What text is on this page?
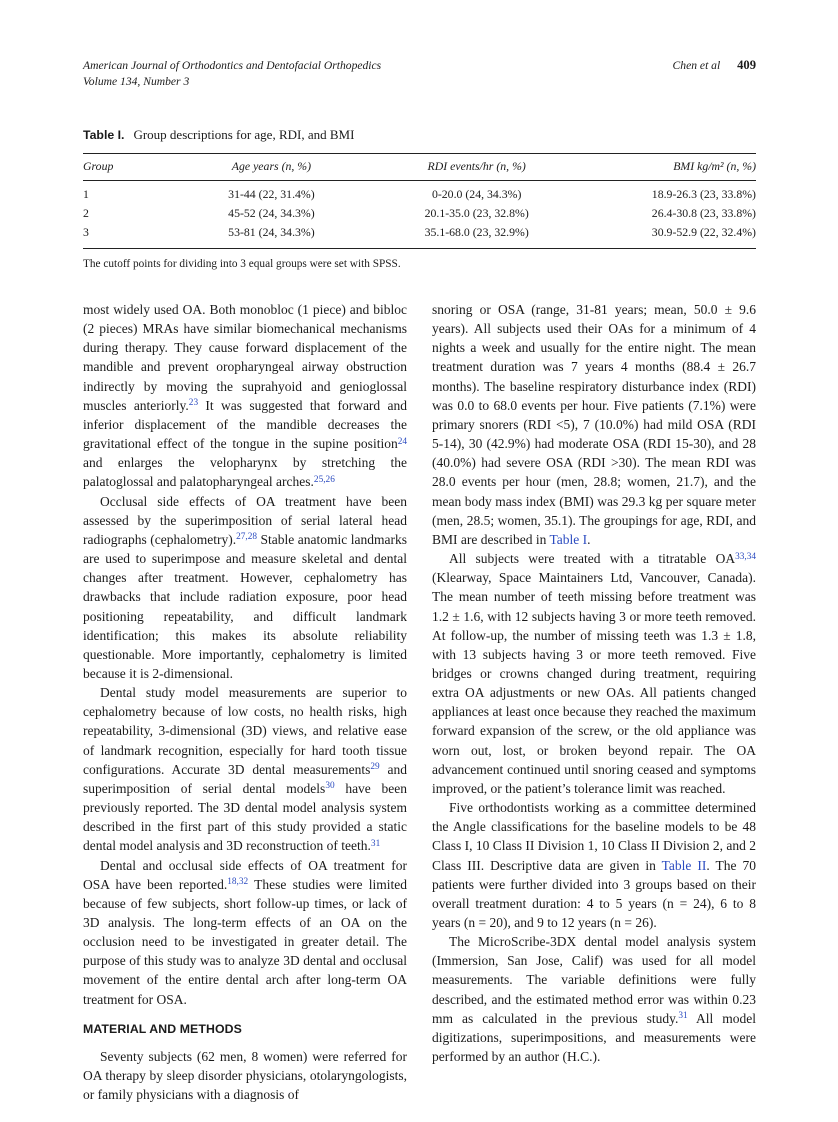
American Journal of Orthodontics and Dentofacial Orthopedics
Volume 134, Number 3
Chen et al 409
Table I. Group descriptions for age, RDI, and BMI
Group	Age years (n, %)	RDI events/hr (n, %)	BMI kg/m² (n, %)
1	31-44 (22, 31.4%)	0-20.0 (24, 34.3%)	18.9-26.3 (23, 33.8%)
2	45-52 (24, 34.3%)	20.1-35.0 (23, 32.8%)	26.4-30.8 (23, 33.8%)
3	53-81 (24, 34.3%)	35.1-68.0 (23, 32.9%)	30.9-52.9 (22, 32.4%)
The cutoff points for dividing into 3 equal groups were set with SPSS.

most widely used OA. Both monobloc (1 piece) and bibloc (2 pieces) MRAs have similar biomechanical mechanisms during therapy. They cause forward displacement of the mandible and prevent oropharyngeal airway obstruction indirectly by moving the suprahyoid and genioglossal muscles anteriorly.$^{23}$ It was suggested that forward and inferior displacement of the mandible decreases the gravitational effect of the tongue in the supine position$^{24}$ and enlarges the velopharynx by stretching the palatoglossal and palatopharyngeal arches.$^{25,26}$

Occlusal side effects of OA treatment have been assessed by the superimposition of serial lateral head radiographs (cephalometry).$^{27,28}$ Stable anatomic landmarks are used to superimpose and measure skeletal and dental changes after treatment. However, cephalometry has drawbacks that include radiation exposure, poor head positioning repeatability, and difficult landmark identification; this makes its absolute reliability questionable. More importantly, cephalometry is limited because it is 2-dimensional.

Dental study model measurements are superior to cephalometry because of low costs, no health risks, high repeatability, 3-dimensional (3D) views, and relative ease of landmark recognition, especially for hard tooth tissue configurations. Accurate 3D dental measurements$^{29}$ and superimposition of serial dental models$^{30}$ have been previously reported. The 3D dental model analysis system described in the first part of this study provided a static dental model analysis and 3D reconstruction of teeth.$^{31}$

Dental and occlusal side effects of OA treatment for OSA have been reported.$^{18,32}$ These studies were limited because of few subjects, short follow-up times, or lack of 3D analysis. The long-term effects of an OA on the occlusion need to be investigated in greater detail. The purpose of this study was to analyze 3D dental and occlusal movement of the entire dental arch after long-term OA treatment for OSA.

MATERIAL AND METHODS

Seventy subjects (62 men, 8 women) were referred for OA therapy by sleep disorder physicians, otolaryngologists, or family physicians with a diagnosis of

snoring or OSA (range, 31-81 years; mean, 50.0 ± 9.6 years). All subjects used their OAs for a minimum of 4 nights a week and usually for the entire night. The mean treatment duration was 7 years 4 months (88.4 ± 26.7 months). The baseline respiratory disturbance index (RDI) was 0.0 to 68.0 events per hour. Five patients (7.1%) were primary snorers (RDI <5), 7 (10.0%) had mild OSA (RDI 5-14), 30 (42.9%) had moderate OSA (RDI 15-30), and 28 (40.0%) had severe OSA (RDI >30). The mean RDI was 28.0 events per hour (men, 28.8; women, 21.7), and the mean body mass index (BMI) was 29.3 kg per square meter (men, 28.5; women, 35.1). The groupings for age, RDI, and BMI are described in Table I.

All subjects were treated with a titratable OA$^{33,34}$ (Klearway, Space Maintainers Ltd, Vancouver, Canada). The mean number of teeth missing before treatment was 1.2 ± 1.6, with 12 subjects having 3 or more teeth removed. At follow-up, the number of missing teeth was 1.3 ± 1.8, with 13 subjects having 3 or more teeth removed. Five bridges or crowns changed during treatment, requiring extra OA adjustments or new OAs. All patients changed appliances at least once because they reached the maximum forward expansion of the screw, or the old appliance was worn out, lost, or broken beyond repair. The OA advancement continued until snoring ceased and symptoms improved, or the patient’s tolerance limit was reached.

Five orthodontists working as a committee determined the Angle classifications for the baseline models to be 48 Class I, 10 Class II Division 1, 10 Class II Division 2, and 2 Class III. Descriptive data are given in Table II. The 70 patients were further divided into 3 groups based on their overall treatment duration: 4 to 5 years (n = 24), 6 to 8 years (n = 20), and 9 to 12 years (n = 26).

The MicroScribe-3DX dental model analysis system (Immersion, San Jose, Calif) was used for all model measurements. The variable definitions were fully described, and the estimated method error was within 0.23 mm as calculated in the previous study.$^{31}$ All model digitizations, superimpositions, and measurements were performed by an author (H.C.).
